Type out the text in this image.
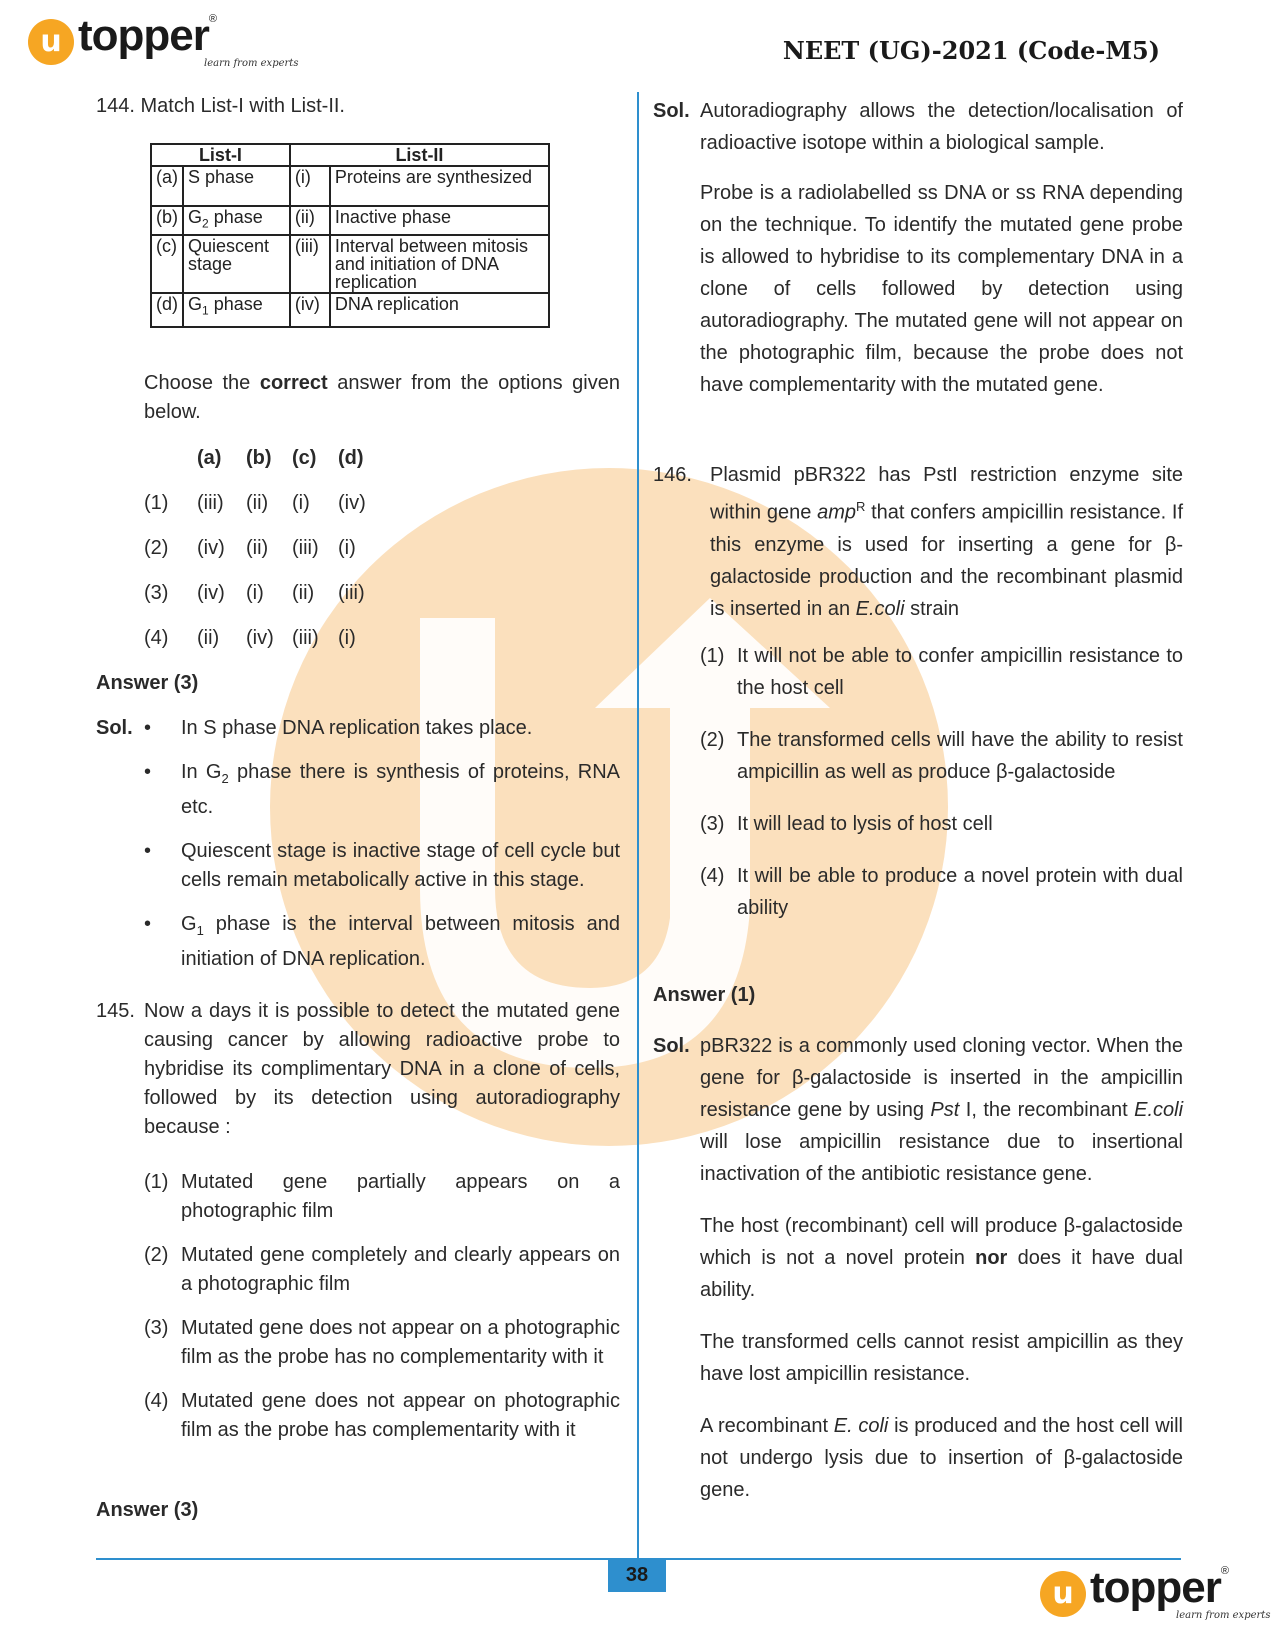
u topper®
learn from experts	NEET (UG)-2021 (Code-M5)
144. Match List-I with List-II.
List-I		List-II	
(a)	S phase	(i)	Proteins are synthesized
(b)	$G_2$ phase	(ii)	Inactive phase
(c)	Quiescent stage	(iii)	Interval between mitosis and initiation of DNA replication
(d)	$G_1$ phase	(iv)	DNA replication
Choose the correct answer from the options given below.
(a)	(b)	(c)	(d)
(1)	(iii)	(ii)	(i)	(iv)
(2)	(iv)	(ii)	(iii) (i)
(3)	(iv)	(i)	(ii)	(iii)
(4)	(ii)	(iv) (iii) (i)
Answer (3)
Sol. •	In S phase DNA replication takes place.
•	In $G_2$ phase there is synthesis of proteins, RNA etc.
•	Quiescent stage is inactive stage of cell cycle but cells remain metabolically active in this stage.
•	$G_1$ phase is the interval between mitosis and initiation of DNA replication.
145. Now a days it is possible to detect the mutated gene causing cancer by allowing radioactive probe to hybridise its complimentary DNA in a clone of cells, followed by its detection using autoradiography because :
(1) Mutated gene partially appears on a photographic film
(2) Mutated gene completely and clearly appears on a photographic film
(3) Mutated gene does not appear on a photographic film as the probe has no complementarity with it
(4) Mutated gene does not appear on photographic film as the probe has complementarity with it
Answer (3)
Sol. Autoradiography allows the detection/localisation of radioactive isotope within a biological sample.
Probe is a radiolabelled ss DNA or ss RNA depending on the technique. To identify the mutated gene probe is allowed to hybridise to its complementary DNA in a clone of cells followed by detection using autoradiography. The mutated gene will not appear on the photographic film, because the probe does not have complementarity with the mutated gene.
146. Plasmid pBR322 has PstI restriction enzyme site within gene amp$^R$ that confers ampicillin resistance. If this enzyme is used for inserting a gene for β-galactoside production and the recombinant plasmid is inserted in an E.coli strain
(1) It will not be able to confer ampicillin resistance to the host cell
(2) The transformed cells will have the ability to resist ampicillin as well as produce β-galactoside
(3) It will lead to lysis of host cell
(4) It will be able to produce a novel protein with dual ability
Answer (1)
Sol. pBR322 is a commonly used cloning vector. When the gene for β-galactoside is inserted in the ampicillin resistance gene by using Pst I, the recombinant E.coli will lose ampicillin resistance due to insertional inactivation of the antibiotic resistance gene.
The host (recombinant) cell will produce β-galactoside which is not a novel protein nor does it have dual ability.
The transformed cells cannot resist ampicillin as they have lost ampicillin resistance.
A recombinant E. coli is produced and the host cell will not undergo lysis due to insertion of β-galactoside gene.
38
u topper®
learn from experts
